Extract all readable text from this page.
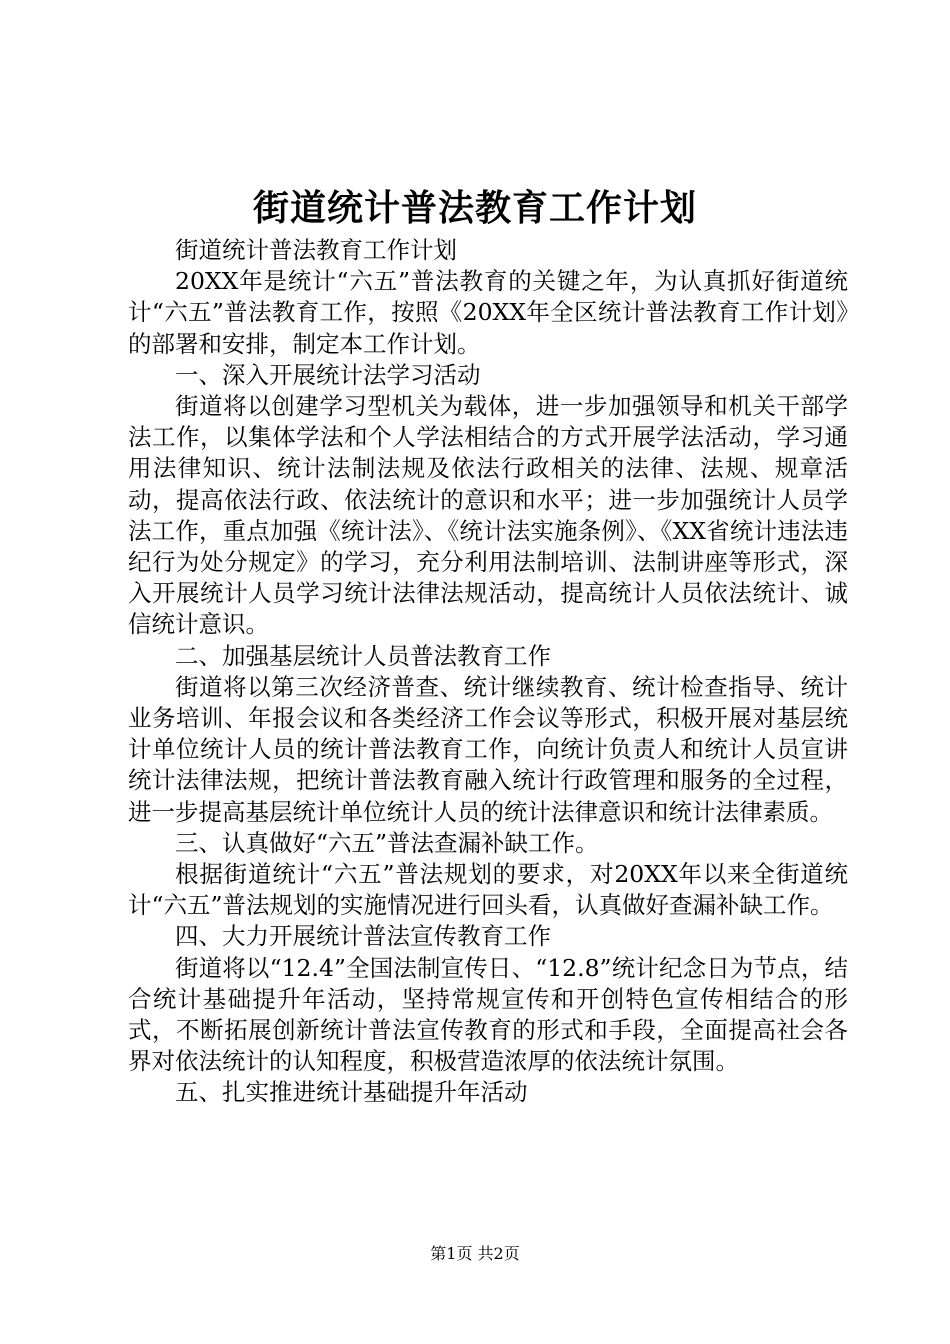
街道统计普法教育工作计划

街道统计普法教育工作计划

20XX年是统计“六五”普法教育的关键之年，为认真抓好街道统计“六五”普法教育工作，按照《20XX年全区统计普法教育工作计划》的部署和安排，制定本工作计划。

一、深入开展统计法学习活动

街道将以创建学习型机关为载体，进一步加强领导和机关干部学法工作，以集体学法和个人学法相结合的方式开展学法活动，学习通用法律知识、统计法制法规及依法行政相关的法律、法规、规章活动，提高依法行政、依法统计的意识和水平；进一步加强统计人员学法工作，重点加强《统计法》、《统计法实施条例》、《XX省统计违法违纪行为处分规定》的学习，充分利用法制培训、法制讲座等形式，深入开展统计人员学习统计法律法规活动，提高统计人员依法统计、诚信统计意识。

二、加强基层统计人员普法教育工作

街道将以第三次经济普查、统计继续教育、统计检查指导、统计业务培训、年报会议和各类经济工作会议等形式，积极开展对基层统计单位统计人员的统计普法教育工作，向统计负责人和统计人员宣讲统计法律法规，把统计普法教育融入统计行政管理和服务的全过程，进一步提高基层统计单位统计人员的统计法律意识和统计法律素质。

三、认真做好“六五”普法查漏补缺工作。

根据街道统计“六五”普法规划的要求，对20XX年以来全街道统计“六五”普法规划的实施情况进行回头看，认真做好查漏补缺工作。

四、大力开展统计普法宣传教育工作

街道将以“12.4”全国法制宣传日、“12.8”统计纪念日为节点，结合统计基础提升年活动，坚持常规宣传和开创特色宣传相结合的形式，不断拓展创新统计普法宣传教育的形式和手段，全面提高社会各界对依法统计的认知程度，积极营造浓厚的依法统计氛围。

五、扎实推进统计基础提升年活动

第1页 共2页
